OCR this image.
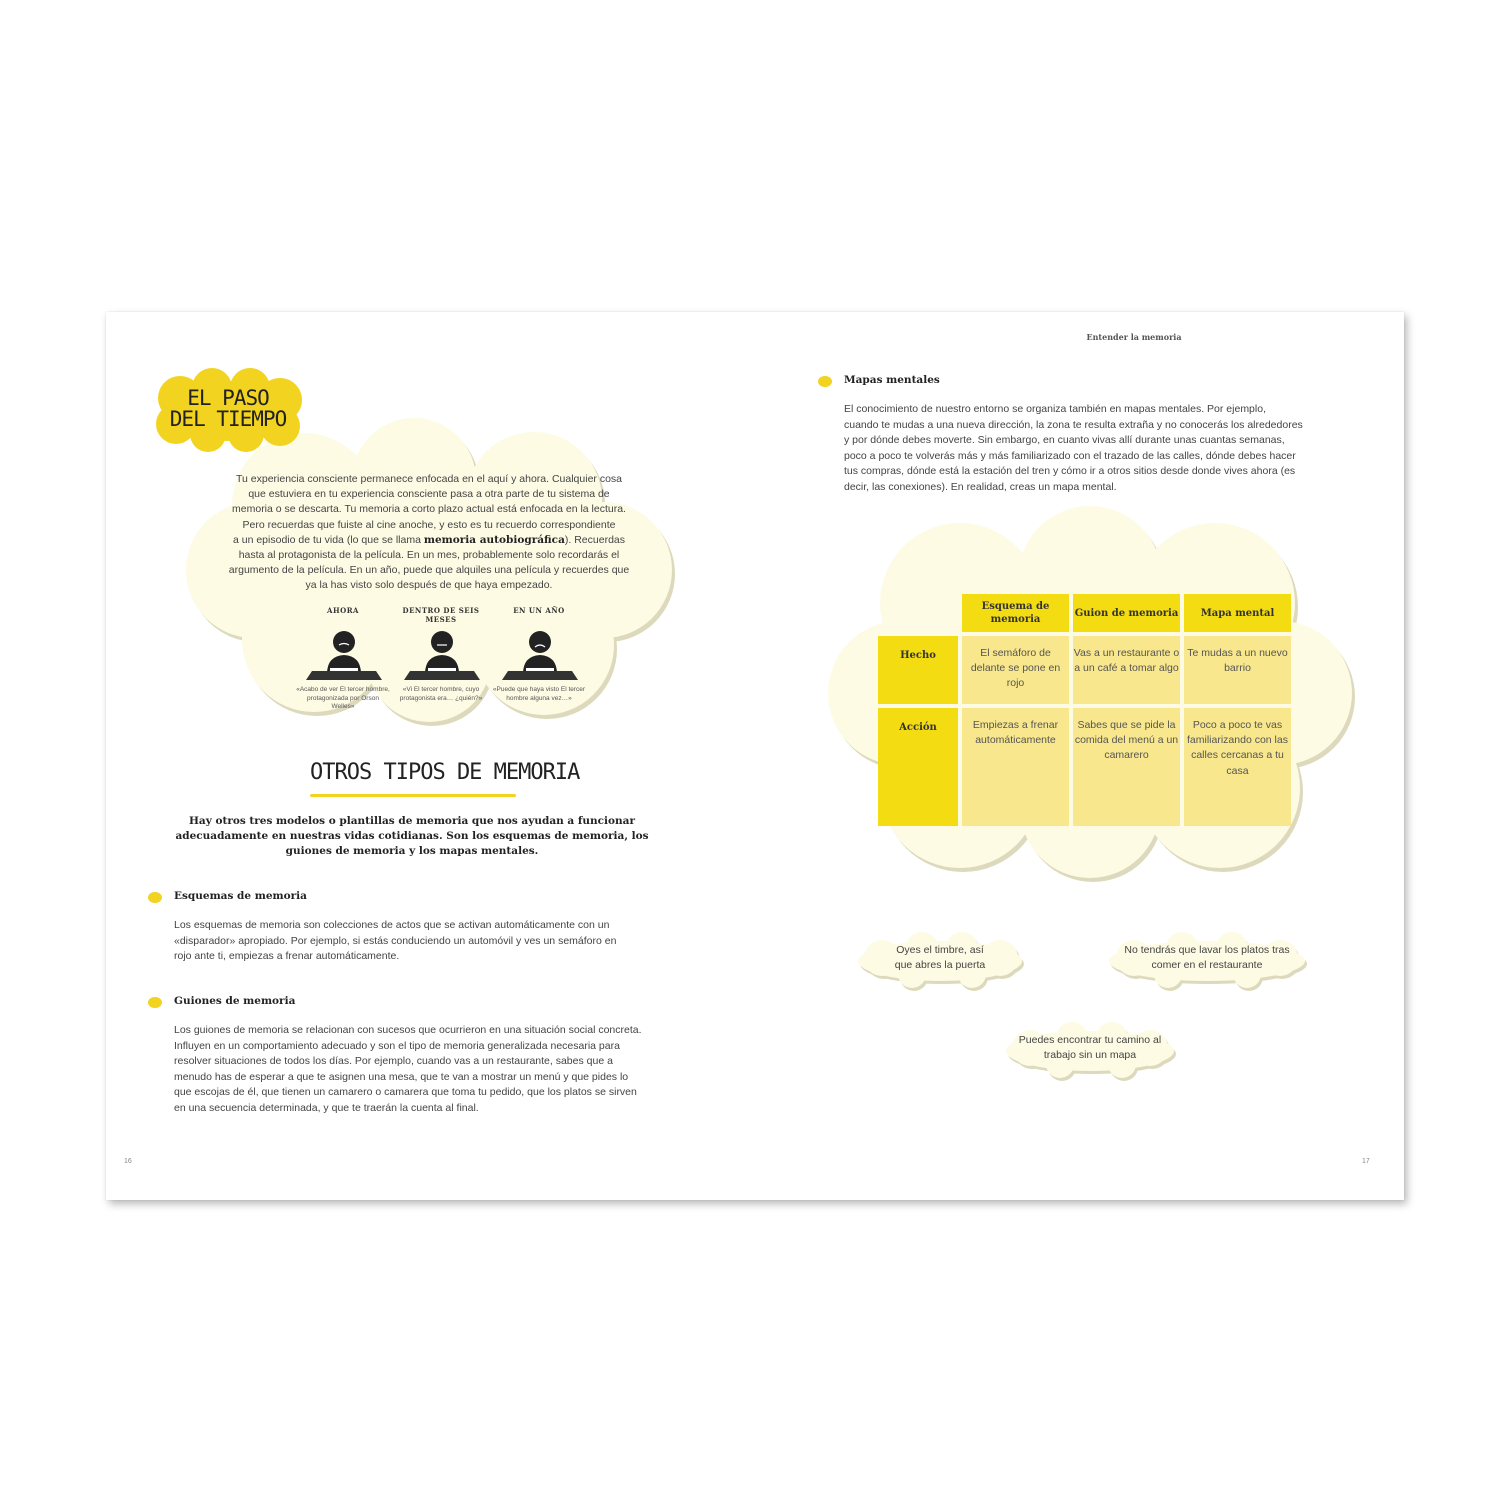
Entender la memoria
16	17
Tu experiencia consciente permanece enfocada en el aquí y ahora. Cualquier cosa
que estuviera en tu experiencia consciente pasa a otra parte de tu sistema de
memoria o se descarta. Tu memoria a corto plazo actual está enfocada en la lectura.
Pero recuerdas que fuiste al cine anoche, y esto es tu recuerdo correspondiente
a un episodio de tu vida (lo que se llama memoria autobiográfica). Recuerdas
hasta al protagonista de la película. En un mes, probablemente solo recordarás el
argumento de la película. En un año, puede que alquiles una película y recuerdes que
ya la has visto solo después de que haya empezado.
AHORA	DENTRO DE SEIS MESES
EN UN AÑO
«Acabo de ver El tercer hombre, protagonizada por Orson Welles»
«Vi El tercer hombre, cuyo protagonista era… ¿quién?»
«Puede que haya visto El tercer hombre alguna vez…»
EL PASO
DEL TIEMPO
OTROS TIPOS DE MEMORIA
Hay otros tres modelos o plantillas de memoria que nos ayudan a funcionar
adecuadamente en nuestras vidas cotidianas. Son los esquemas de memoria, los
guiones de memoria y los mapas mentales.
Esquemas de memoria
Los esquemas de memoria son colecciones de actos que se activan automáticamente con un
«disparador» apropiado. Por ejemplo, si estás conduciendo un automóvil y ves un semáforo en
rojo ante ti, empiezas a frenar automáticamente.
Guiones de memoria
Los guiones de memoria se relacionan con sucesos que ocurrieron en una situación social concreta.
Influyen en un comportamiento adecuado y son el tipo de memoria generalizada necesaria para
resolver situaciones de todos los días. Por ejemplo, cuando vas a un restaurante, sabes que a
menudo has de esperar a que te asignen una mesa, que te van a mostrar un menú y que pides lo
que escojas de él, que tienen un camarero o camarera que toma tu pedido, que los platos se sirven
en una secuencia determinada, y que te traerán la cuenta al final.
Mapas mentales
El conocimiento de nuestro entorno se organiza también en mapas mentales. Por ejemplo,
cuando te mudas a una nueva dirección, la zona te resulta extraña y no conocerás los alrededores
y por dónde debes moverte. Sin embargo, en cuanto vivas allí durante unas cuantas semanas,
poco a poco te volverás más y más familiarizado con el trazado de las calles, dónde debes hacer
tus compras, dónde está la estación del tren y cómo ir a otros sitios desde donde vives ahora (es
decir, las conexiones). En realidad, creas un mapa mental.
	Esquema de memoria	Guion de memoria	Mapa mental
Hecho	El semáforo de delante se pone en rojo	Vas a un restaurante o a un café a tomar algo	Te mudas a un nuevo barrio
Acción	Empiezas a frenar automáticamente	Sabes que se pide la comida del menú a un camarero	Poco a poco te vas familiarizando con las calles cercanas a tu casa
Oyes el timbre, así que abres la puerta
No tendrás que lavar los platos tras comer en el restaurante
Puedes encontrar tu camino al trabajo sin un mapa
